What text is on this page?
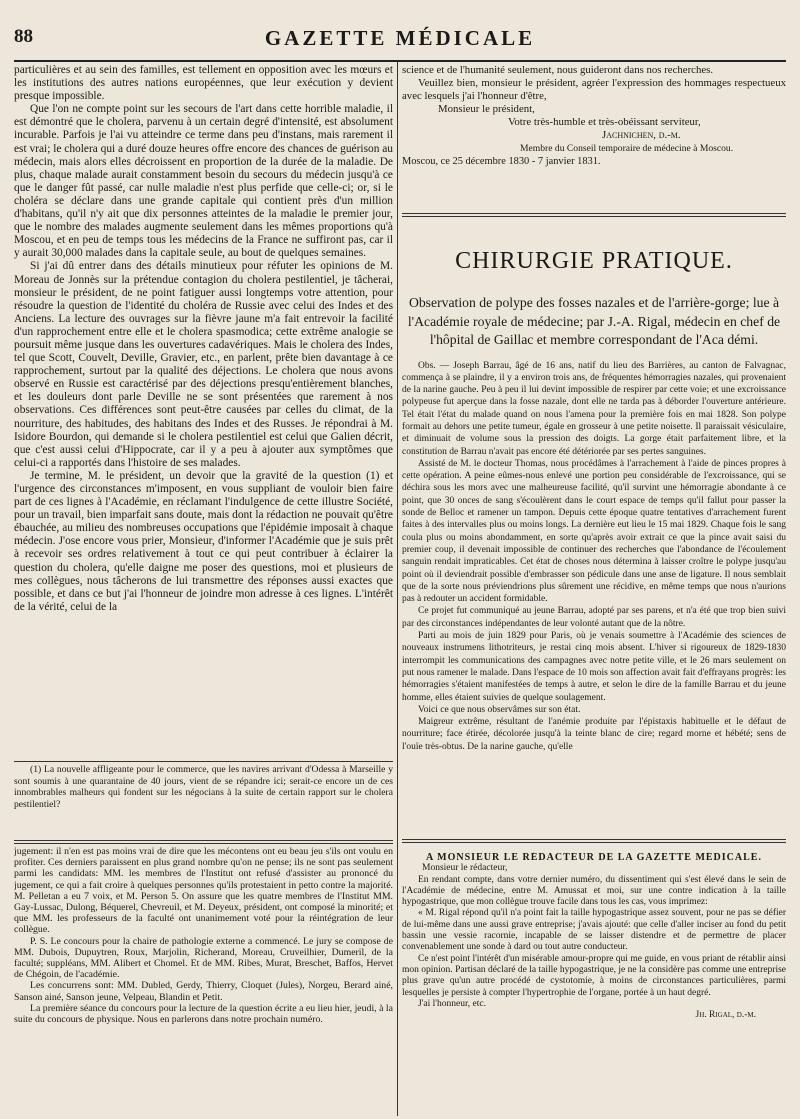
88	GAZETTE MÉDICALE

particulières et au sein des familles, est tellement en opposition avec les mœurs et les institutions des autres nations européennes, que leur exécution y devient presque impossible.

Que l'on ne compte point sur les secours de l'art dans cette horrible maladie, il est démontré que le cholera, parvenu à un certain degré d'intensité, est absolument incurable. Parfois je l'ai vu atteindre ce terme dans peu d'instans, mais rarement il est vrai; le cholera qui a duré douze heures offre encore des chances de guérison au médecin, mais alors elles décroissent en proportion de la durée de la maladie. De plus, chaque malade aurait constamment besoin du secours du médecin jusqu'à ce que le danger fût passé, car nulle maladie n'est plus perfide que celle-ci; or, si le choléra se déclare dans une grande capitale qui contient près d'un million d'habitans, qu'il n'y ait que dix personnes atteintes de la maladie le premier jour, que le nombre des malades augmente seulement dans les mêmes proportions qu'à Moscou, et en peu de temps tous les médecins de la France ne suffiront pas, car il y aurait 30,000 malades dans la capitale seule, au bout de quelques semaines.

Si j'ai dû entrer dans des détails minutieux pour réfuter les opinions de M. Moreau de Jonnès sur la prétendue contagion du cholera pestilentiel, je tâcherai, monsieur le président, de ne point fatiguer aussi longtemps votre attention, pour résoudre la question de l'identité du choléra de Russie avec celui des Indes et des Anciens. La lecture des ouvrages sur la fièvre jaune m'a fait entrevoir la facilité d'un rapprochement entre elle et le cholera spasmodica; cette extrême analogie se poursuit même jusque dans les ouvertures cadavériques. Mais le cholera des Indes, tel que Scott, Couvelt, Deville, Gravier, etc., en parlent, prête bien davantage à ce rapprochement, surtout par la qualité des déjections. Le cholera que nous avons observé en Russie est caractérisé par des déjections presqu'entièrement blanches, et les douleurs dont parle Deville ne se sont présentées que rarement à nos observations. Ces différences sont peut-être causées par celles du climat, de la nourriture, des habitudes, des habitans des Indes et des Russes. Je répondrai à M. Isidore Bourdon, qui demande si le cholera pestilentiel est celui que Galien décrit, que c'est aussi celui d'Hippocrate, car il y a peu à ajouter aux symptômes que celui-ci a rapportés dans l'histoire de ses malades.

Je termine, M. le président, un devoir que la gravité de la question (1) et l'urgence des circonstances m'imposent, en vous suppliant de vouloir bien faire part de ces lignes à l'Académie, en réclamant l'indulgence de cette illustre Société, pour un travail, bien imparfait sans doute, mais dont la rédaction ne pouvait qu'être ébauchée, au milieu des nombreuses occupations que l'épidémie imposait à chaque médecin. J'ose encore vous prier, Monsieur, d'informer l'Académie que je suis prêt à recevoir ses ordres relativement à tout ce qui peut contribuer à éclairer la question du cholera, qu'elle daigne me poser des questions, moi et plusieurs de mes collègues, nous tâcherons de lui transmettre des réponses aussi exactes que possible, et dans ce but j'ai l'honneur de joindre mon adresse à ces lignes. L'intérêt de la vérité, celui de la

(1) La nouvelle affligeante pour le commerce, que les navires arrivant d'Odessa à Marseille y sont soumis à une quarantaine de 40 jours, vient de se répandre ici; serait-ce encore un de ces innombrables malheurs qui fondent sur les négocians à la suite de certain rapport sur le cholera pestilentiel?

jugement: il n'en est pas moins vrai de dire que les mécontens ont eu beau jeu s'ils ont voulu en profiter. Ces derniers paraissent en plus grand nombre qu'on ne pense; ils ne sont pas seulement parmi les candidats: MM. les membres de l'Institut ont refusé d'assister au prononcé du jugement, ce qui a fait croire à quelques personnes qu'ils protestaient in petto contre la majorité. M. Pelletan a eu 7 voix, et M. Person 5. On assure que les quatre membres de l'Institut MM. Gay-Lussac, Dulong, Béquerel, Chevreuil, et M. Deyeux, président, ont composé la minorité; et que MM. les professeurs de la faculté ont unanimement voté pour la réintégration de leur collègue.

P. S. Le concours pour la chaire de pathologie externe a commencé. Le jury se compose de MM. Dubois, Dupuytren, Roux, Marjolin, Richerand, Moreau, Cruveilhier, Dumeril, de la faculté; suppléans, MM. Alibert et Chomel. Et de MM. Ribes, Murat, Breschet, Baffos, Hervet de Chégoin, de l'académie.

Les concurrens sont: MM. Dubled, Gerdy, Thierry, Cloquet (Jules), Norgeu, Berard ainé, Sanson ainé, Sanson jeune, Velpeau, Blandin et Petit.

La première séance du concours pour la lecture de la question écrite a eu lieu hier, jeudi, à la suite du concours de physique. Nous en parlerons dans notre prochain numéro.

science et de l'humanité seulement, nous guideront dans nos recherches.

Veuillez bien, monsieur le président, agréer l'expression des hommages respectueux avec lesquels j'ai l'honneur d'être,

Monsieur le président,
Votre très-humble et très-obéissant serviteur,
Jachnichen, d.-m.
Membre du Conseil temporaire de médecine à Moscou.
Moscou, ce 25 décembre 1830 - 7 janvier 1831.
CHIRURGIE PRATIQUE.
Observation de polype des fosses nazales et de l'arrière-gorge; lue à l'Académie royale de médecine; par J.-A. Rigal, médecin en chef de l'hôpital de Gaillac et membre correspondant de l'Aca démi.

Obs. — Joseph Barrau, âgé de 16 ans, natif du lieu des Barrières, au canton de Falvagnac, commença à se plaindre, il y a environ trois ans, de fréquentes hémorragies nazales, qui provenaient de la narine gauche. Peu à peu il lui devint impossible de respirer par cette voie; et une excroissance polypeuse fut aperçue dans la fosse nazale, dont elle ne tarda pas à déborder l'ouverture antérieure. Tel était l'état du malade quand on nous l'amena pour la première fois en mai 1828. Son polype formait au dehors une petite tumeur, égale en grosseur à une petite noisette. Il paraissait vésiculaire, et diminuait de volume sous la pression des doigts. La gorge était parfaitement libre, et la constitution de Barrau n'avait pas encore été détériorée par ses pertes sanguines.

Assisté de M. le docteur Thomas, nous procédâmes à l'arrachement à l'aide de pinces propres à cette opération. A peine eûmes-nous enlevé une portion peu considérable de l'excroissance, qui se déchira sous les mors avec une malheureuse facilité, qu'il survint une hémorragie abondante à ce point, que 30 onces de sang s'écoulèrent dans le court espace de temps qu'il fallut pour passer la sonde de Belloc et ramener un tampon. Depuis cette époque quatre tentatives d'arrachement furent faites à des intervalles plus ou moins longs. La dernière eut lieu le 15 mai 1829. Chaque fois le sang coula plus ou moins abondamment, en sorte qu'après avoir extrait ce que la pince avait saisi du premier coup, il devenait impossible de continuer des recherches que l'abondance de l'écoulement sanguin rendait impraticables. Cet état de choses nous détermina à laisser croître le polype jusqu'au point où il deviendrait possible d'embrasser son pédicule dans une anse de ligature. Il nous semblait que de la sorte nous préviendrions plus sûrement une récidive, en même temps que nous n'aurions pas à redouter un accident formidable.

Ce projet fut communiqué au jeune Barrau, adopté par ses parens, et n'a été que trop bien suivi par des circonstances indépendantes de leur volonté autant que de la nôtre.

Parti au mois de juin 1829 pour Paris, où je venais soumettre à l'Académie des sciences de nouveaux instrumens lithotriteurs, je restai cinq mois absent. L'hiver si rigoureux de 1829-1830 interrompit les communications des campagnes avec notre petite ville, et le 26 mars seulement on put nous ramener le malade. Dans l'espace de 10 mois son affection avait fait d'effrayans progrès: les hémorragies s'étaient manifestées de temps à autre, et selon le dire de la famille Barrau et du jeune homme, elles étaient suivies de quelque soulagement.

Voici ce que nous observâmes sur son état.

Maigreur extrême, résultant de l'anémie produite par l'épistaxis habituelle et le défaut de nourriture; face étirée, décolorée jusqu'à la teinte blanc de cire; regard morne et hébété; sens de l'ouïe très-obtus. De la narine gauche, qu'elle

A MONSIEUR LE RÉDACTEUR DE LA GAZETTE MÉDICALE.

Monsieur le rédacteur,

En rendant compte, dans votre dernier numéro, du dissentiment qui s'est élevé dans le sein de l'Académie de médecine, entre M. Amussat et moi, sur une contre indication à la taille hypogastrique, que mon collègue trouve facile dans tous les cas, vous imprimez:

« M. Rigal répond qu'il n'a point fait la taille hypogastrique assez souvent, pour ne pas se défier de lui-même dans une aussi grave entreprise; j'avais ajouté: que celle d'aller inciser au fond du petit bassin une vessie racornie, incapable de se laisser distendre et de permettre de placer convenablement une sonde à dard ou tout autre conducteur.

Ce n'est point l'intérêt d'un misérable amour-propre qui me guide, en vous priant de rétablir ainsi mon opinion. Partisan déclaré de la taille hypogastrique, je ne la considère pas comme une entreprise plus grave qu'un autre procédé de cystotomie, à moins de circonstances particulières, parmi lesquelles je persiste à compter l'hypertrophie de l'organe, portée à un haut degré.

J'ai l'honneur, etc.

Jh. Rigal, d.-m.
